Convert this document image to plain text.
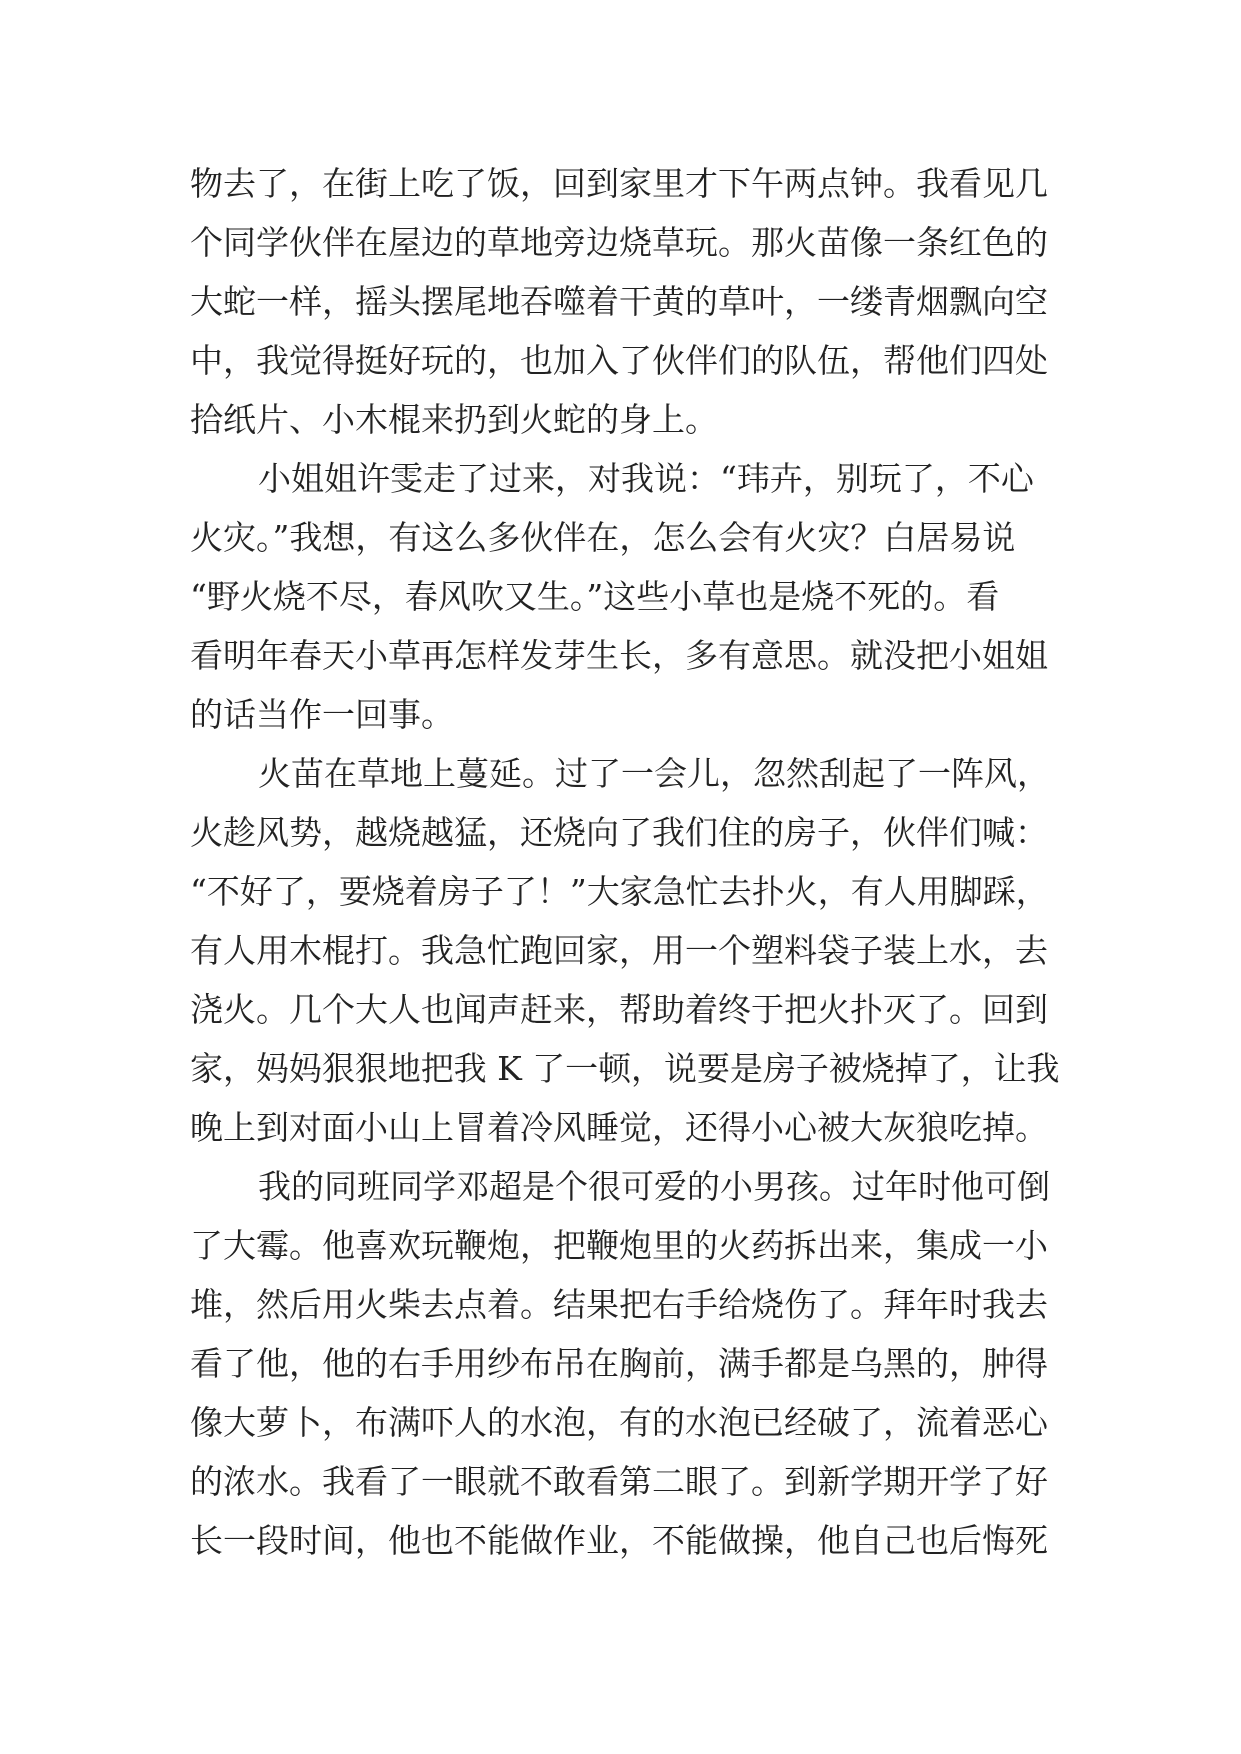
物去了，在街上吃了饭，回到家里才下午两点钟。我看见几
个同学伙伴在屋边的草地旁边烧草玩。那火苗像一条红色的
大蛇一样，摇头摆尾地吞噬着干黄的草叶，一缕青烟飘向空
中，我觉得挺好玩的，也加入了伙伴们的队伍，帮他们四处
拾纸片、小木棍来扔到火蛇的身上。
小姐姐许雯走了过来，对我说：“玮卉，别玩了，不心
火灾。”我想，有这么多伙伴在，怎么会有火灾？白居易说
“野火烧不尽，春风吹又生。”这些小草也是烧不死的。看
看明年春天小草再怎样发芽生长，多有意思。就没把小姐姐
的话当作一回事。
火苗在草地上蔓延。过了一会儿，忽然刮起了一阵风，
火趁风势，越烧越猛，还烧向了我们住的房子，伙伴们喊：
“不好了，要烧着房子了！”大家急忙去扑火，有人用脚踩，
有人用木棍打。我急忙跑回家，用一个塑料袋子装上水，去
浇火。几个大人也闻声赶来，帮助着终于把火扑灭了。回到
家，妈妈狠狠地把我 K 了一顿，说要是房子被烧掉了，让我
晚上到对面小山上冒着冷风睡觉，还得小心被大灰狼吃掉。
我的同班同学邓超是个很可爱的小男孩。过年时他可倒
了大霉。他喜欢玩鞭炮，把鞭炮里的火药拆出来，集成一小
堆，然后用火柴去点着。结果把右手给烧伤了。拜年时我去
看了他，他的右手用纱布吊在胸前，满手都是乌黑的，肿得
像大萝卜，布满吓人的水泡，有的水泡已经破了，流着恶心
的浓水。我看了一眼就不敢看第二眼了。到新学期开学了好
长一段时间，他也不能做作业，不能做操，他自己也后悔死
